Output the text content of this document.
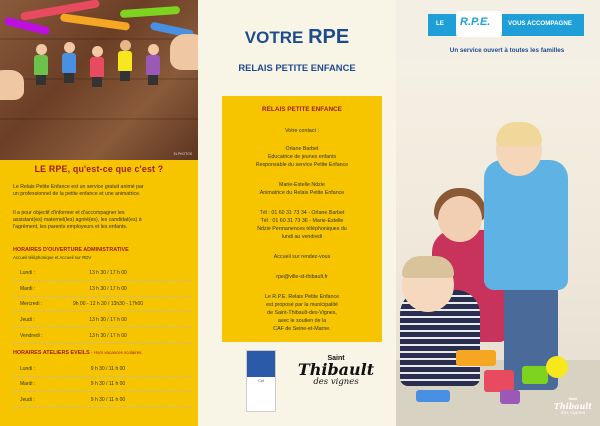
ELPHOTOS
LE RPE, qu'est-ce que c'est ?
Le Relais Petite Enfance est un service gratuit animé par
un professionnel de la petite enfance et une animatrice.
Il a pour objectif d'informer et d'accompagner les
assistant(es) maternel(les) agréé(es), les candidat(es) à
l'agrément, les parents employeurs et les enfants.
HORAIRES D'OUVERTURE ADMINISTRATIVE
Accueil téléphonique et Accueil sur RDV
Lundi :	13 h 30 / 17 h 00
Mardi :	13 h 30 / 17 h 00
Mercredi :	9h 00 - 12 h 30 / 13h30 - 17h00
Jeudi :	13 h 30 / 17 h 00
Vendredi :	13 h 30 / 17 h 00
HORAIRES ATELIERS EVEILS - Hors vacances scolaires
Lundi :	9 h 30 / 11 h 00
Mardi :	9 h 30 / 11 h 00
Jeudi :	9 h 30 / 11 h 00
VOTRE RPE
RELAIS PETITE ENFANCE
RELAIS PETITE ENFANCE
Votre contact :
Orlane Barbet
Educatrice de jeunes enfants
Responsable du service Petite Enfance
Marie-Estelle Ndzie
Animatrice du Relais Petite Enfance
Tél : 01 60 31 73 34 - Orlane Barbet
Tél : 01 60 31 73 36 - Marie-Estelle
Ndzie Permanences téléphoniques du
lundi au vendredi
Accueil sur rendez-vous
rpe@ville-st-thibault.fr
Le R.P.E. Relais Petite Enfance
est proposé par la municipalité
de Saint-Thibault-des-Vignes,
avec le soutien de la
CAF de Seine-et-Marne.
Caf
Saint
Thibault
des vignes
LE R.P.E.	VOUS ACCOMPAGNE
Un service ouvert à toutes les familles
Saint
Thibault
des vignes
